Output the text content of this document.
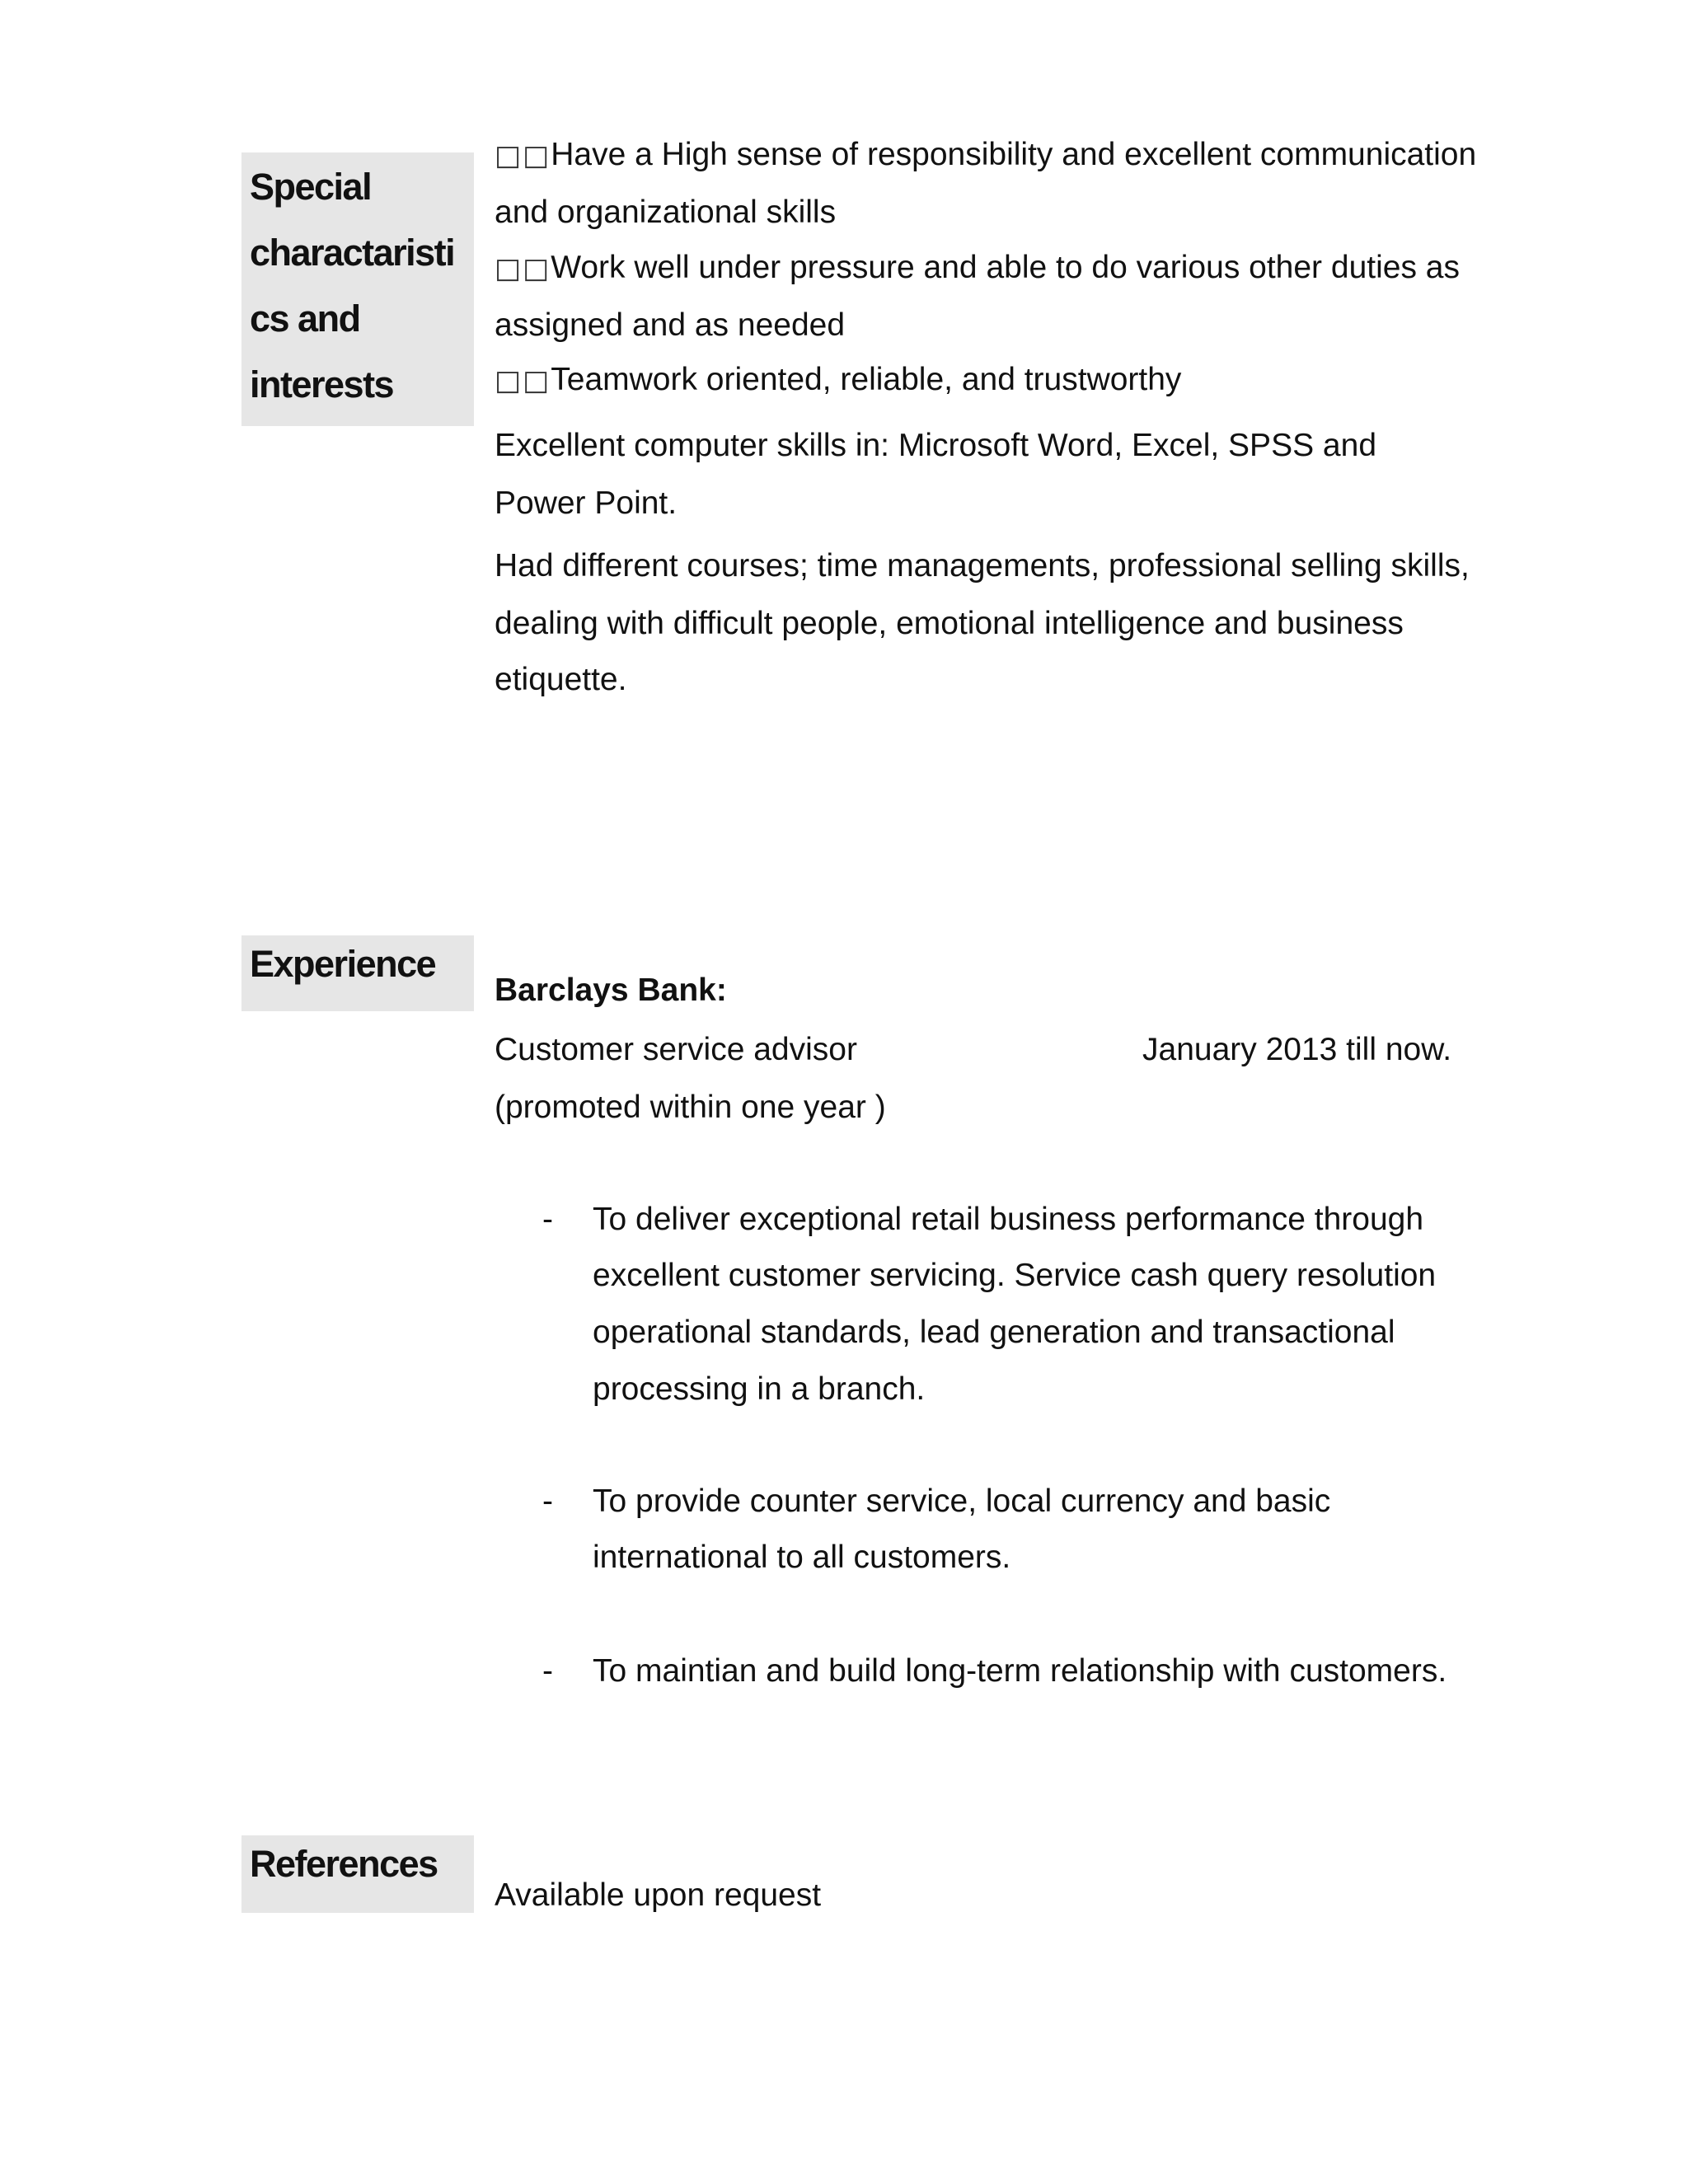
Special
charactaristi
cs and
interests
□□Have a High sense of responsibility and excellent communication
and organizational skills
□□Work well under pressure and able to do various other duties as
assigned and as needed
□□Teamwork oriented, reliable, and trustworthy
Excellent computer skills in: Microsoft Word, Excel, SPSS and
Power Point.
Had different courses; time managements, professional selling skills,
dealing with difficult people, emotional intelligence and business
etiquette.
Experience
Barclays Bank:
Customer service advisor	January 2013 till now.
(promoted within one year )
- To deliver exceptional retail business performance through
excellent customer servicing. Service cash query resolution
operational standards, lead generation and transactional
processing in a branch.
- To provide counter service, local currency and basic
international to all customers.
- To maintian and build long-term relationship with customers.
References
Available upon request
